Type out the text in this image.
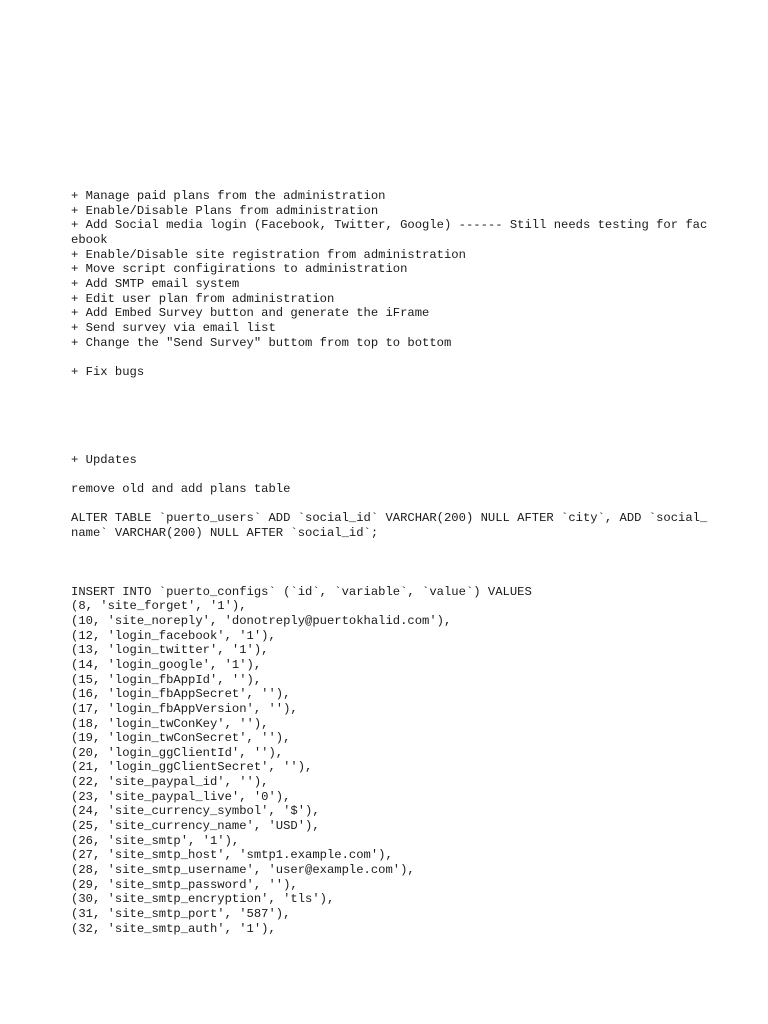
+ Manage paid plans from the administration
+ Enable/Disable Plans from administration
+ Add Social media login (Facebook, Twitter, Google) ------ Still needs testing for facebook
+ Enable/Disable site registration from administration
+ Move script configirations to administration
+ Add SMTP email system
+ Edit user plan from administration
+ Add Embed Survey button and generate the iFrame
+ Send survey via email list
+ Change the "Send Survey" buttom from top to bottom
+ Fix bugs
+ Updates
remove old and add plans table
ALTER TABLE `puerto_users` ADD `social_id` VARCHAR(200) NULL AFTER `city`, ADD `social_name` VARCHAR(200) NULL AFTER `social_id`;
INSERT INTO `puerto_configs` (`id`, `variable`, `value`) VALUES
(8, 'site_forget', '1'),
(10, 'site_noreply', 'donotreply@puertokhalid.com'),
(12, 'login_facebook', '1'),
(13, 'login_twitter', '1'),
(14, 'login_google', '1'),
(15, 'login_fbAppId', ''),
(16, 'login_fbAppSecret', ''),
(17, 'login_fbAppVersion', ''),
(18, 'login_twConKey', ''),
(19, 'login_twConSecret', ''),
(20, 'login_ggClientId', ''),
(21, 'login_ggClientSecret', ''),
(22, 'site_paypal_id', ''),
(23, 'site_paypal_live', '0'),
(24, 'site_currency_symbol', '$'),
(25, 'site_currency_name', 'USD'),
(26, 'site_smtp', '1'),
(27, 'site_smtp_host', 'smtp1.example.com'),
(28, 'site_smtp_username', 'user@example.com'),
(29, 'site_smtp_password', ''),
(30, 'site_smtp_encryption', 'tls'),
(31, 'site_smtp_port', '587'),
(32, 'site_smtp_auth', '1'),
